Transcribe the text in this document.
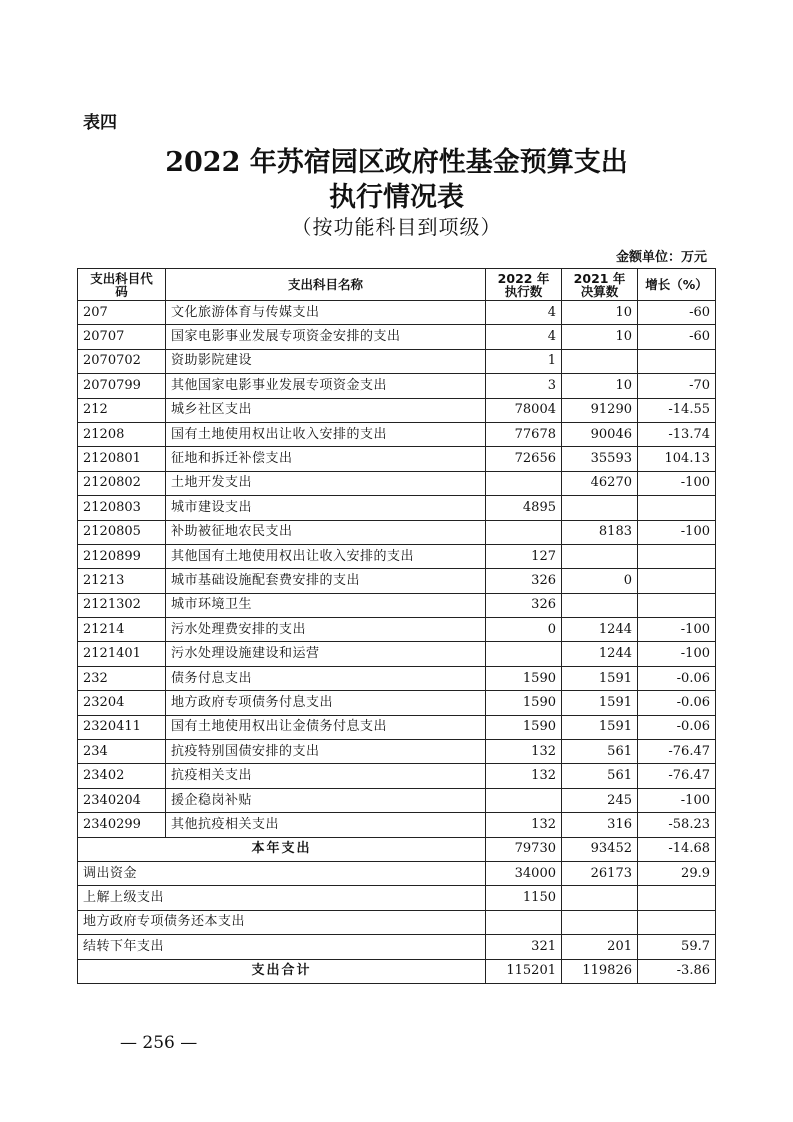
表四
2022 年苏宿园区政府性基金预算支出
执行情况表
（按功能科目到项级）
金额单位：万元
支出科目代码	支出科目名称	2022 年执行数	2021 年决算数	增长（%）
207	文化旅游体育与传媒支出	4	10	-60
20707	国家电影事业发展专项资金安排的支出	4	10	-60
2070702	资助影院建设	1		
2070799	其他国家电影事业发展专项资金支出	3	10	-70
212	城乡社区支出	78004	91290	-14.55
21208	国有土地使用权出让收入安排的支出	77678	90046	-13.74
2120801	征地和拆迁补偿支出	72656	35593	104.13
2120802	土地开发支出		46270	-100
2120803	城市建设支出	4895		
2120805	补助被征地农民支出		8183	-100
2120899	其他国有土地使用权出让收入安排的支出	127		
21213	城市基础设施配套费安排的支出	326	0	
2121302	城市环境卫生	326		
21214	污水处理费安排的支出	0	1244	-100
2121401	污水处理设施建设和运营		1244	-100
232	债务付息支出	1590	1591	-0.06
23204	地方政府专项债务付息支出	1590	1591	-0.06
2320411	国有土地使用权出让金债务付息支出	1590	1591	-0.06
234	抗疫特别国债安排的支出	132	561	-76.47
23402	抗疫相关支出	132	561	-76.47
2340204	援企稳岗补贴		245	-100
2340299	其他抗疫相关支出	132	316	-58.23
本年支出		79730	93452	-14.68
调出资金		34000	26173	29.9
上解上级支出		1150		
地方政府专项债务还本支出				
结转下年支出		321	201	59.7
支出合计		115201	119826	-3.86
— 256 —
